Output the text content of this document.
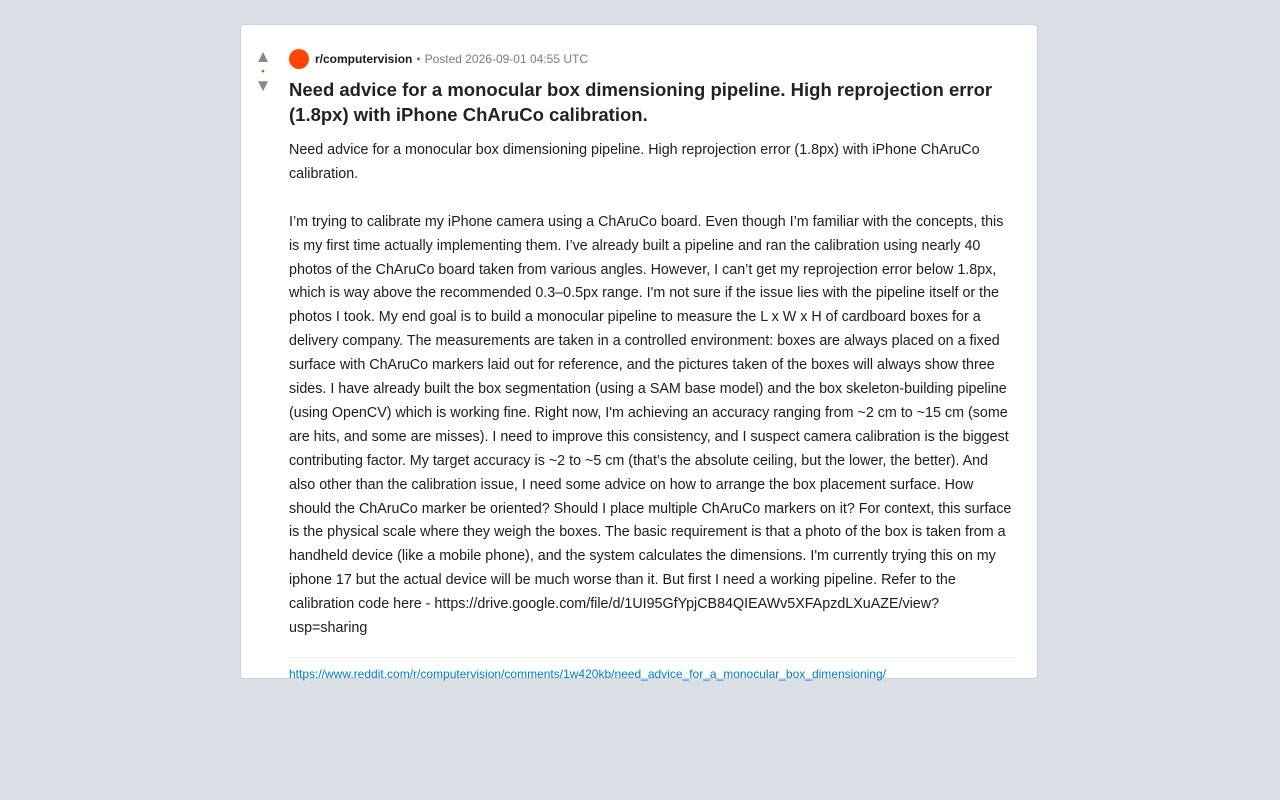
▲
•
▼
r/computervision • Posted 2026-09-01 04:55 UTC
Need advice for a monocular box dimensioning pipeline. High reprojection error (1.8px) with iPhone ChAruCo calibration.

Need advice for a monocular box dimensioning pipeline. High reprojection error (1.8px) with iPhone ChAruCo calibration.

I’m trying to calibrate my iPhone camera using a ChAruCo board. Even though I’m familiar with the concepts, this is my first time actually implementing them. I’ve already built a pipeline and ran the calibration using nearly 40 photos of the ChAruCo board taken from various angles. However, I can’t get my reprojection error below 1.8px, which is way above the recommended 0.3–0.5px range. I'm not sure if the issue lies with the pipeline itself or the photos I took. My end goal is to build a monocular pipeline to measure the L x W x H of cardboard boxes for a delivery company. The measurements are taken in a controlled environment: boxes are always placed on a fixed surface with ChAruCo markers laid out for reference, and the pictures taken of the boxes will always show three sides. I have already built the box segmentation (using a SAM base model) and the box skeleton-building pipeline (using OpenCV) which is working fine. Right now, I'm achieving an accuracy ranging from ~2 cm to ~15 cm (some are hits, and some are misses). I need to improve this consistency, and I suspect camera calibration is the biggest contributing factor. My target accuracy is ~2 to ~5 cm (that’s the absolute ceiling, but the lower, the better). And also other than the calibration issue, I need some advice on how to arrange the box placement surface. How should the ChAruCo marker be oriented? Should I place multiple ChAruCo markers on it? For context, this surface is the physical scale where they weigh the boxes. The basic requirement is that a photo of the box is taken from a handheld device (like a mobile phone), and the system calculates the dimensions. I'm currently trying this on my iphone 17 but the actual device will be much worse than it. But first I need a working pipeline. Refer to the calibration code here - https://drive.google.com/file/d/1UI95GfYpjCB84QIEAWv5XFApzdLXuAZE/view?usp=sharing

https://www.reddit.com/r/computervision/comments/1w420kb/need_advice_for_a_monocular_box_dimensioning/
